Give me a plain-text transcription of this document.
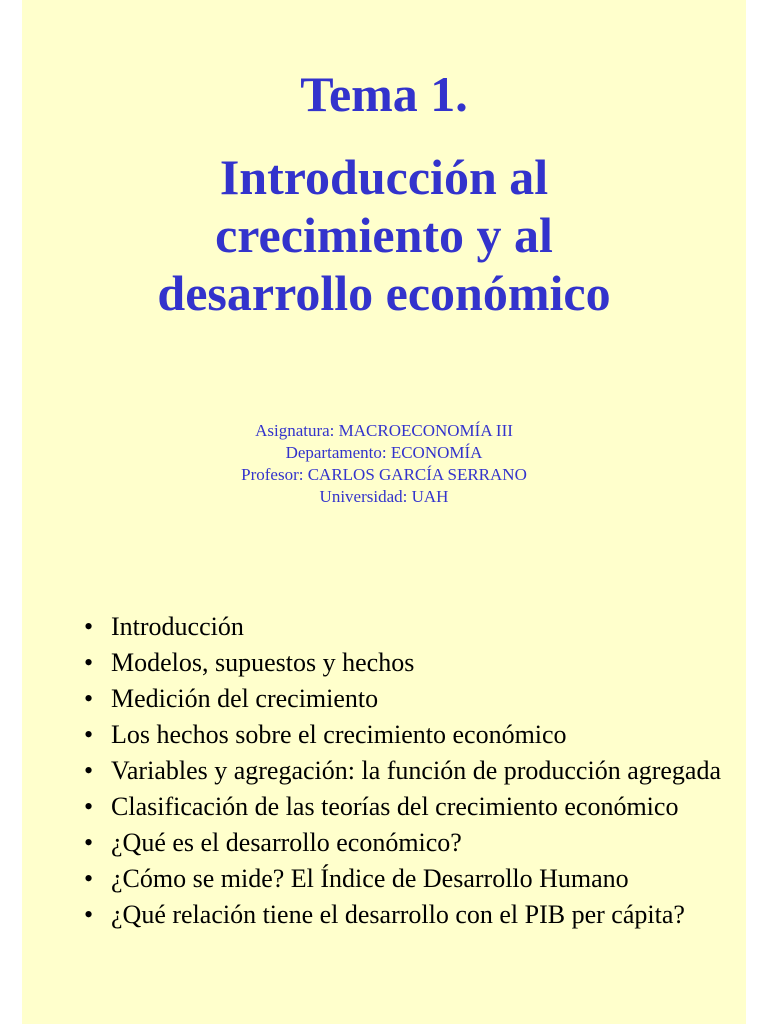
Tema 1.

Introducción al
crecimiento y al
desarrollo económico

Asignatura: MACROECONOMÍA III

Departamento: ECONOMÍA

Profesor: CARLOS GARCÍA SERRANO

Universidad: UAH

• Introducción
• Modelos, supuestos y hechos
• Medición del crecimiento
• Los hechos sobre el crecimiento económico
• Variables y agregación: la función de producción agregada
• Clasificación de las teorías del crecimiento económico
• ¿Qué es el desarrollo económico?
• ¿Cómo se mide? El Índice de Desarrollo Humano
• ¿Qué relación tiene el desarrollo con el PIB per cápita?
